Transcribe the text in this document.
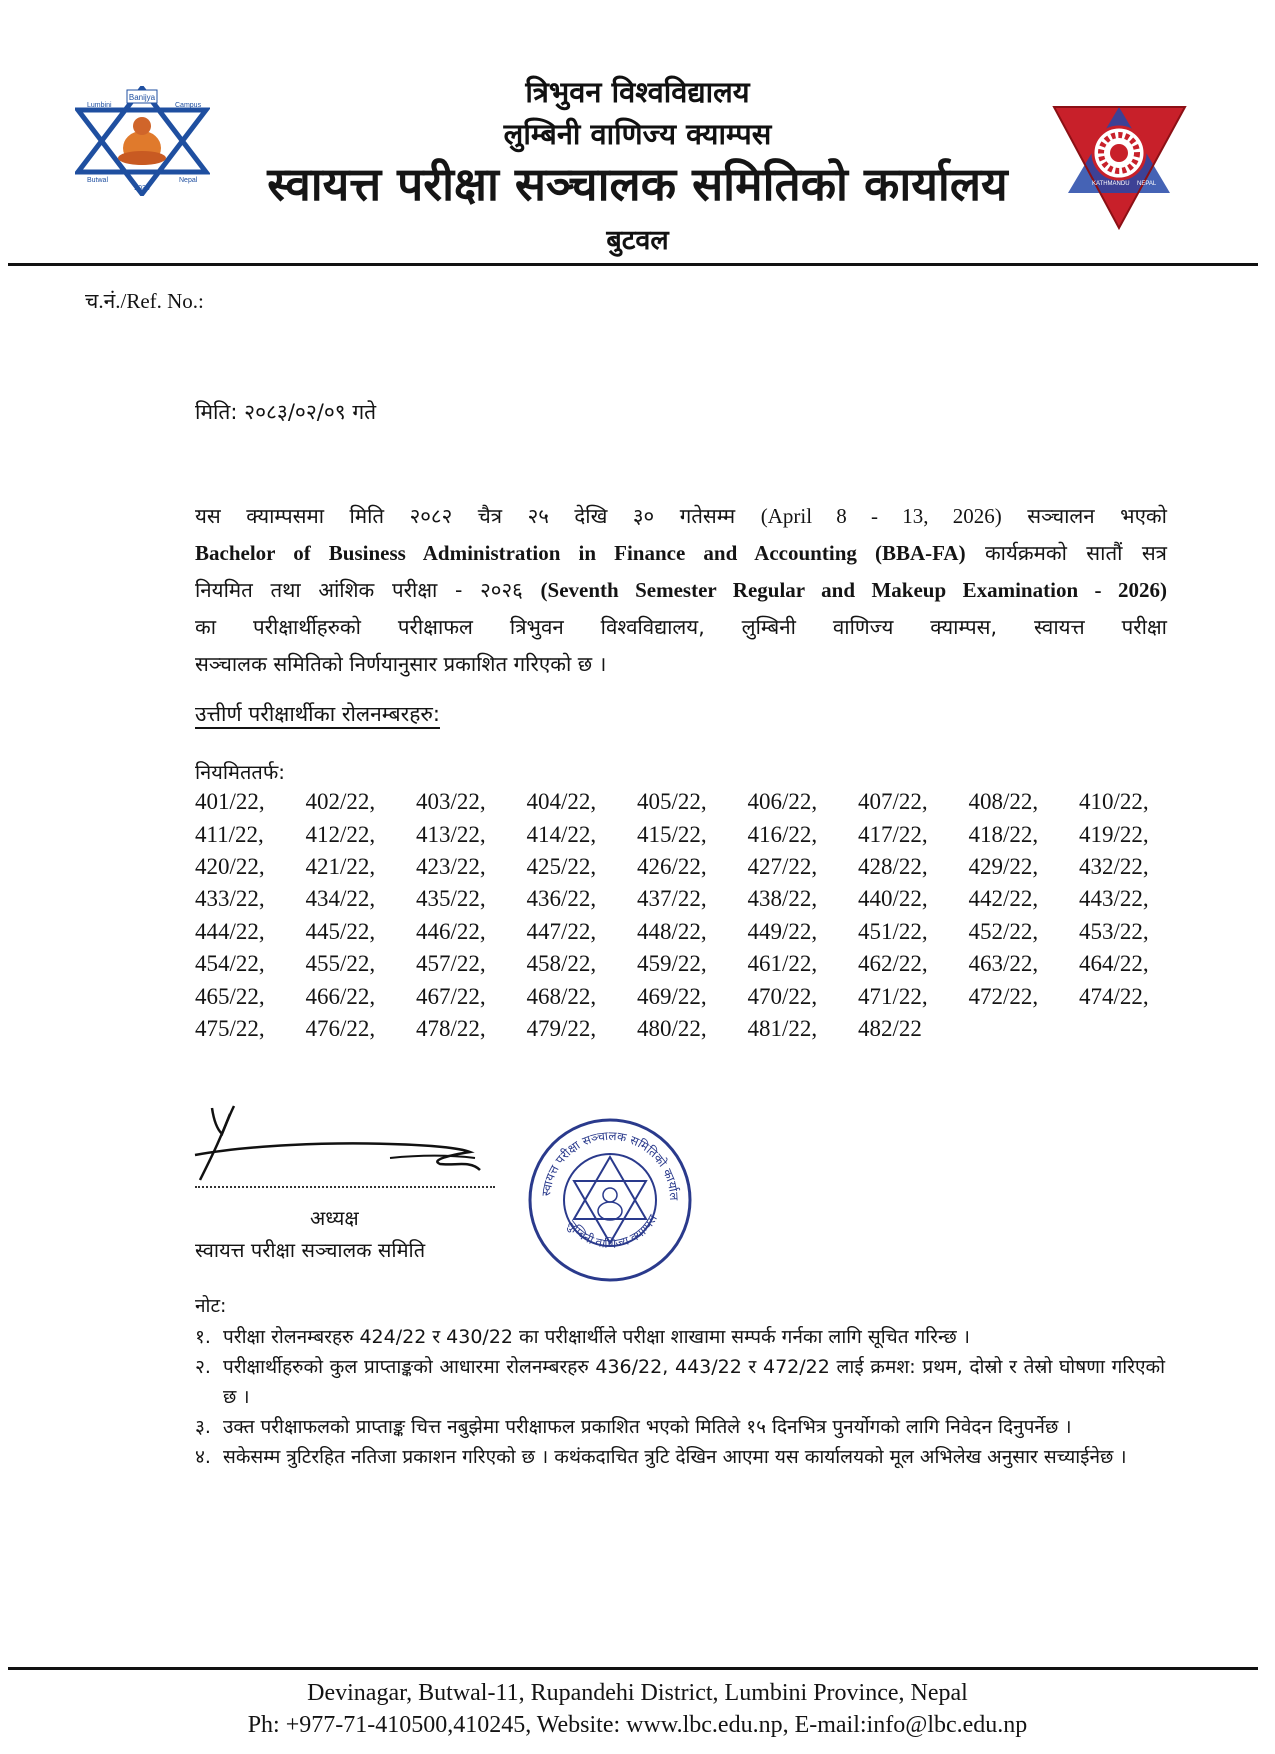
Banijya
Lumbini	Campus
Butwal	Nepal
2038
KATHMANDU NEPAL
त्रिभुवन विश्वविद्यालय
लुम्बिनी वाणिज्य क्याम्पस
स्वायत्त परीक्षा सञ्चालक समितिको कार्यालय
बुटवल
च.नं./Ref. No.:
मिति: २०८३/०२/०९ गते

यस क्याम्पसमा मिति २०८२ चैत्र २५ देखि ३० गतेसम्म (April 8 - 13, 2026) सञ्चालन भएको

Bachelor of Business Administration in Finance and Accounting (BBA-FA) कार्यक्रमको सातौं सत्र

नियमित तथा आंशिक परीक्षा - २०२६ (Seventh Semester Regular and Makeup Examination - 2026)

का परीक्षार्थीहरुको परीक्षाफल त्रिभुवन विश्वविद्यालय, लुम्बिनी वाणिज्य क्याम्पस, स्वायत्त परीक्षा

सञ्चालक समितिको निर्णयानुसार प्रकाशित गरिएको छ ।

उत्तीर्ण परीक्षार्थीका रोलनम्बरहरु:
नियमिततर्फ:
401/22,	402/22,	403/22,	404/22,	405/22,	406/22,	407/22,	408/22,	410/22,
411/22,	412/22,	413/22,	414/22,	415/22,	416/22,	417/22,	418/22,	419/22,
420/22,	421/22,	423/22,	425/22,	426/22,	427/22,	428/22,	429/22,	432/22,
433/22,	434/22,	435/22,	436/22,	437/22,	438/22,	440/22,	442/22,	443/22,
444/22,	445/22,	446/22,	447/22,	448/22,	449/22,	451/22,	452/22,	453/22,
454/22,	455/22,	457/22,	458/22,	459/22,	461/22,	462/22,	463/22,	464/22,
465/22,	466/22,	467/22,	468/22,	469/22,	470/22,	471/22,	472/22,	474/22,
475/22,	476/22,	478/22,	479/22,	480/22,	481/22,	482/22
अध्यक्ष
स्वायत्त परीक्षा सञ्चालक समिति
स्वायत्त परीक्षा सञ्चालक समितिको कार्याल
लुम्बिनी वाणिज्य क्याम्पस
नोट:
१. परीक्षा रोलनम्बरहरु 424/22 र 430/22 का परीक्षार्थीले परीक्षा शाखामा सम्पर्क गर्नका लागि सूचित गरिन्छ ।
२. परीक्षार्थीहरुको कुल प्राप्ताङ्कको आधारमा रोलनम्बरहरु 436/22, 443/22 र 472/22 लाई क्रमश: प्रथम, दोस्रो र तेस्रो घोषणा गरिएको छ ।
३. उक्त परीक्षाफलको प्राप्ताङ्क चित्त नबुझेमा परीक्षाफल प्रकाशित भएको मितिले १५ दिनभित्र पुनर्योगको लागि निवेदन दिनुपर्नेछ ।
४. सकेसम्म त्रुटिरहित नतिजा प्रकाशन गरिएको छ । कथंकदाचित त्रुटि देखिन आएमा यस कार्यालयको मूल अभिलेख अनुसार सच्याईनेछ ।
Devinagar, Butwal-11, Rupandehi District, Lumbini Province, Nepal
Ph: +977-71-410500,410245, Website: www.lbc.edu.np, E-mail:info@lbc.edu.np
